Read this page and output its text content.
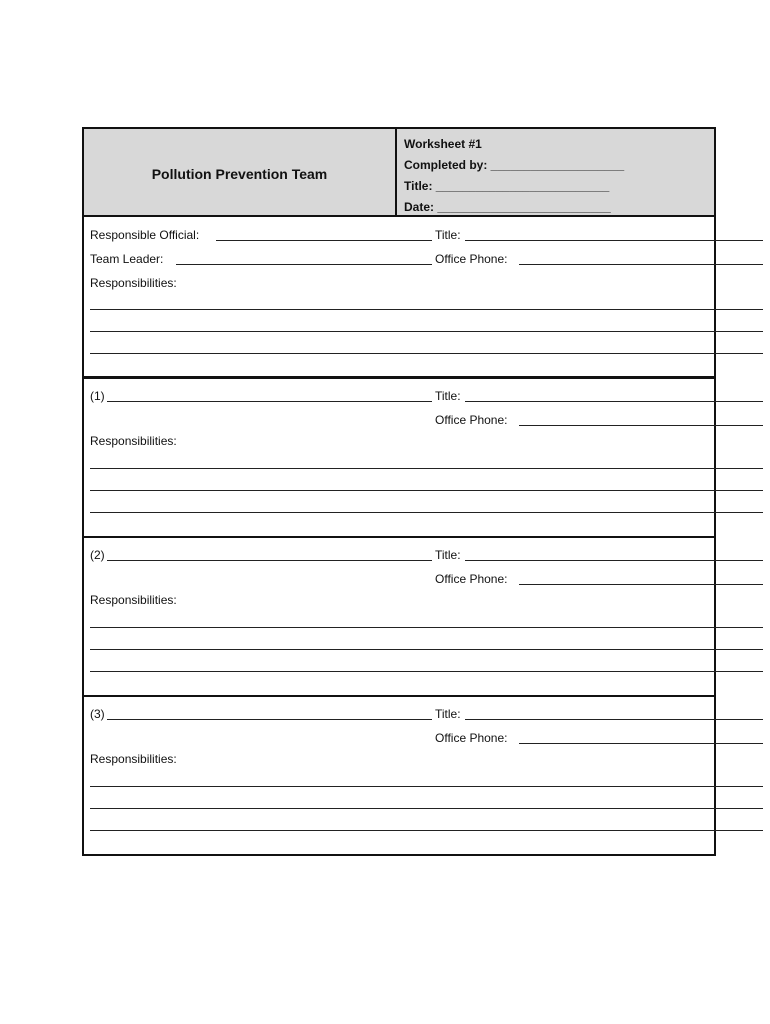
Pollution Prevention Team
Worksheet #1
Completed by: ____________________
Title: __________________________
Date: __________________________
Responsible Official:	Title:
Team Leader:	Office Phone:
Responsibilities:
(1)	Title:
Office Phone:
Responsibilities:
(2)	Title:
Office Phone:
Responsibilities:
(3)	Title:
Office Phone:
Responsibilities:
